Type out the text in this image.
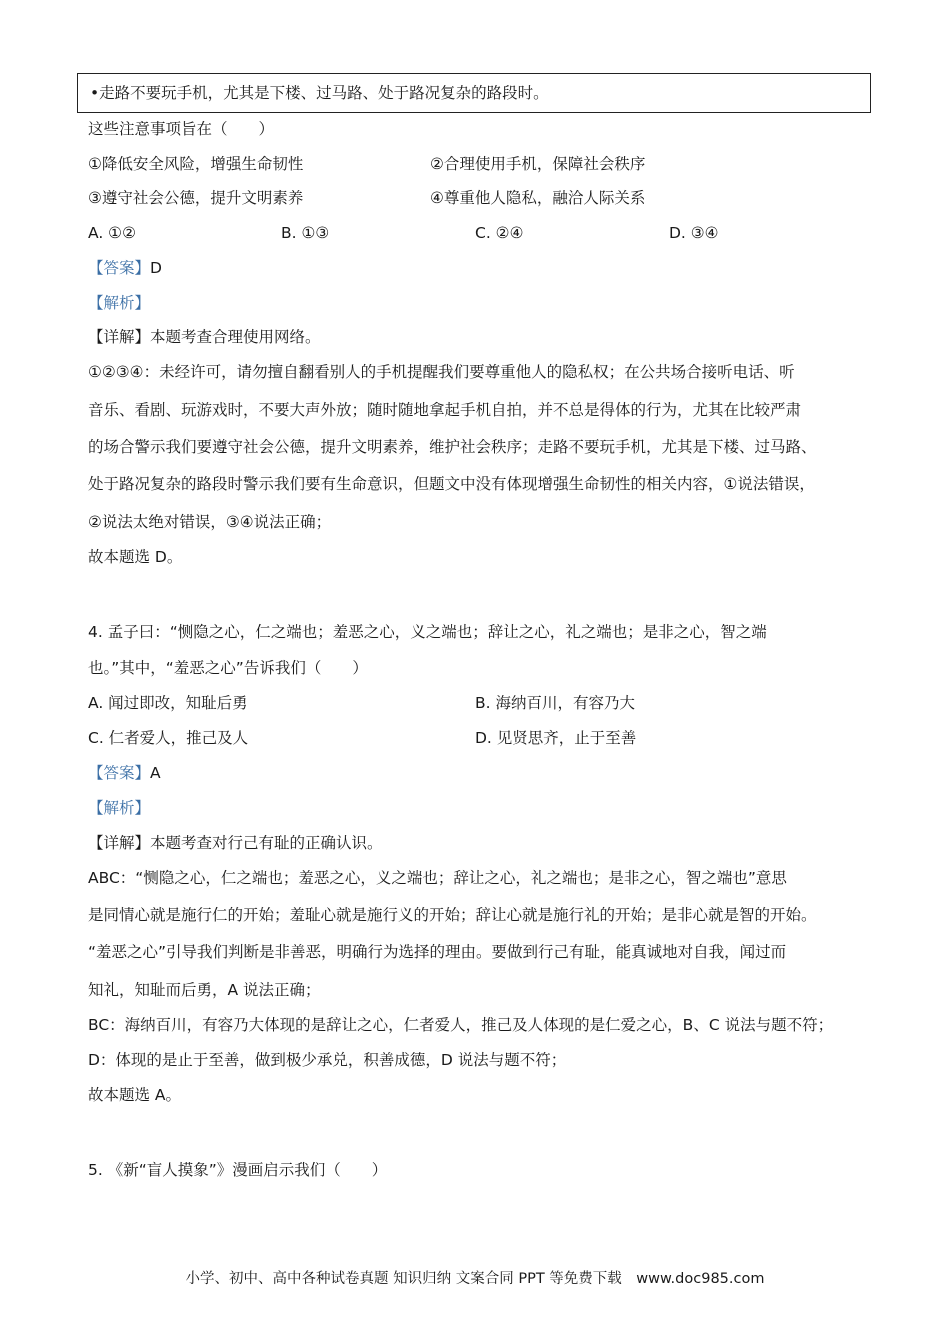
•走路不要玩手机，尤其是下楼、过马路、处于路况复杂的路段时。
这些注意事项旨在（　　）
①降低安全风险，增强生命韧性	②合理使用手机，保障社会秩序
③遵守社会公德，提升文明素养	④尊重他人隐私，融洽人际关系
A. ①②	B. ①③	C. ②④	D. ③④
【答案】D
【解析】
【详解】本题考查合理使用网络。
①②③④：未经许可，请勿擅自翻看别人的手机提醒我们要尊重他人的隐私权；在公共场合接听电话、听
音乐、看剧、玩游戏时，不要大声外放；随时随地拿起手机自拍，并不总是得体的行为，尤其在比较严肃
的场合警示我们要遵守社会公德，提升文明素养，维护社会秩序；走路不要玩手机，尤其是下楼、过马路、
处于路况复杂的路段时警示我们要有生命意识，但题文中没有体现增强生命韧性的相关内容，①说法错误，
②说法太绝对错误，③④说法正确；
故本题选 D。
4. 孟子曰：“恻隐之心，仁之端也；羞恶之心，义之端也；辞让之心，礼之端也；是非之心，智之端
也。”其中，“羞恶之心”告诉我们（　　）
A. 闻过即改，知耻后勇	B. 海纳百川，有容乃大
C. 仁者爱人，推己及人	D. 见贤思齐，止于至善
【答案】A
【解析】
【详解】本题考查对行己有耻的正确认识。
ABC：“恻隐之心，仁之端也；羞恶之心，义之端也；辞让之心，礼之端也；是非之心，智之端也”意思
是同情心就是施行仁的开始；羞耻心就是施行义的开始；辞让心就是施行礼的开始；是非心就是智的开始。
“羞恶之心”引导我们判断是非善恶，明确行为选择的理由。要做到行己有耻，能真诚地对自我，闻过而
知礼，知耻而后勇，A 说法正确；
BC：海纳百川，有容乃大体现的是辞让之心，仁者爱人，推己及人体现的是仁爱之心，B、C 说法与题不符；
D：体现的是止于至善，做到极少承兑，积善成德，D 说法与题不符；
故本题选 A。
5. 《新“盲人摸象”》漫画启示我们（　　）
小学、初中、高中各种试卷真题 知识归纳 文案合同 PPT 等免费下载　www.doc985.com
